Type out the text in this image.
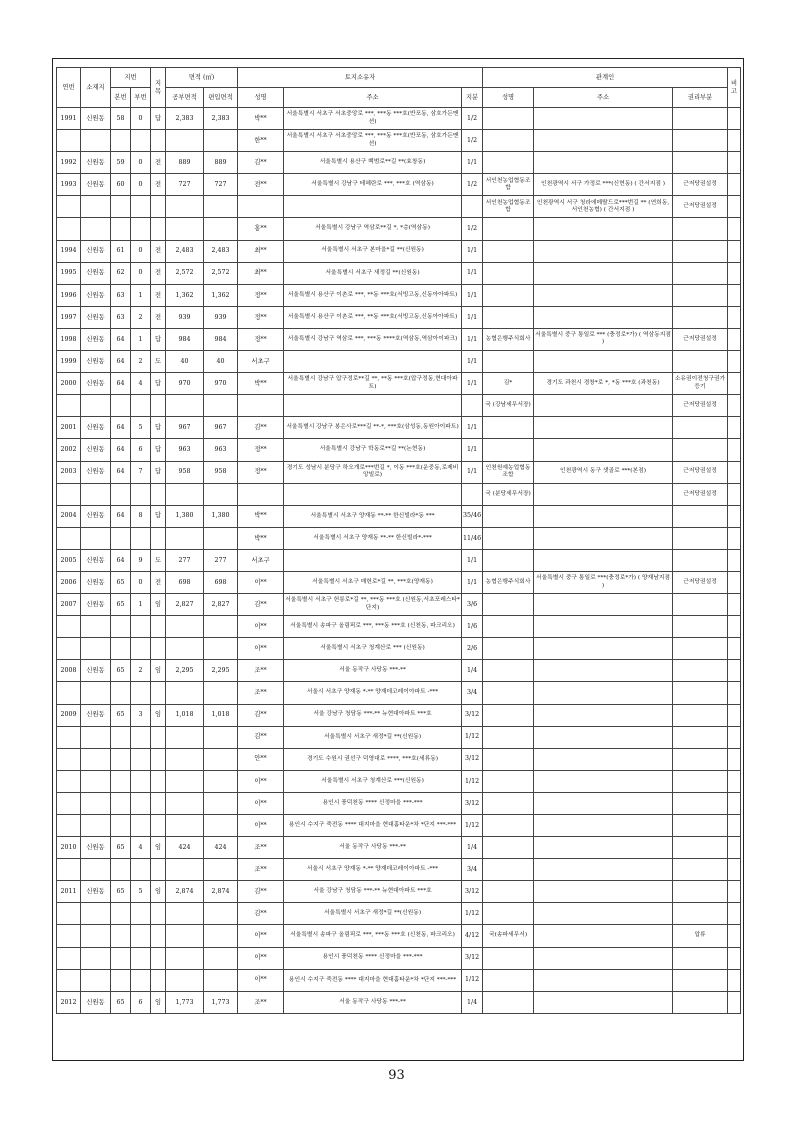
연번	소재지	지번		지목	면적 (㎡)		토지소유자			관계인			비고
		본번	부번		공부면적	편입면적	성명	주소	지분	성명	주소	권리부분	
1991	신원동	58	0	답	2,383	2,383	박**	서울특별시 서초구 서초중앙로 ***, ***동 ***호(반포동, 삼호가든맨션)	1/2				
							한**	서울특별시 서초구 서초중앙로 ***, ***동 ***호(반포동, 삼호가든맨션)	1/2				
1992	신원동	59	0	전	889	889	김**	서울특별시 용산구 백범로**길 **(효창동)	1/1				
1993	신원동	60	0	전	727	727	전**	서울특별시 강남구 테헤란로 ***, ***호 (역삼동)	1/2	서인천농업협동조합	인천광역시 서구 가정로 ***(신현동) ( 간서지점 )	근저당권설정	
										서인천농업협동조합	인천광역시 서구 청라에메랄드로***번길 ** (연희동, 서인천농협) ( 간서지점 )	근저당권설정	
							홍**	서울특별시 강남구 역삼로**길 *, *층(역삼동)	1/2				
1994	신원동	61	0	전	2,483	2,483	최**	서울특별시 서초구 본마을*길 **(신원동)	1/1				
1995	신원동	62	0	전	2,572	2,572	최**	서울특별시 서초구 새정길 **(신원동)	1/1				
1996	신원동	63	1	전	1,362	1,362	정**	서울특별시 용산구 이촌로 ***, **동 ***호(서빙고동,신동아아파트)	1/1				
1997	신원동	63	2	전	939	939	정**	서울특별시 용산구 이촌로 ***, **동 ***호(서빙고동,신동아아파트)	1/1				
1998	신원동	64	1	답	984	984	정**	서울특별시 강남구 역삼로 ***, ***동 ****호(역삼동,역삼아이파크)	1/1	농협은행주식회사	서울특별시 중구 통일로 *** (충정로*가) ( 역삼동지점 )	근저당권설정	
1999	신원동	64	2	도	40	40	서초구		1/1				
2000	신원동	64	4	답	970	970	박**	서울특별시 강남구 압구정로**길 **, **동 ***호(압구정동,현대아파트)	1/1	김*	경기도 과천시 경창*로 *, *동 ***호 (과천동)	소유권이전청구권가등기	
										국 (강남세무서장)		근저당권설정	
2001	신원동	64	5	답	967	967	김**	서울특별시 강남구 봉은사로***길 **-*, ***호(삼성동,동원아이파트)	1/1				
2002	신원동	64	6	답	963	963	정**	서울특별시 강남구 학동로**길 **(논현동)	1/1				
2003	신원동	64	7	답	958	958	정**	경기도 성남시 분당구 하오개로***번길 *, 이동 ***호(운중동,로제비앙빌로)	1/1	인천원예농업협동조합	인천광역시 동구 샛골로 ***(본점)	근저당권설정	
										국 (분당세무서장)		근저당권설정	
2004	신원동	64	8	답	1,380	1,380	박**	서울특별시 서초구 양재동 **-** 한신빌라*동 ***	35/46				
							박**	서울특별시 서초구 양재동 **-** 한신빌라*-***	11/46				
2005	신원동	64	9	도	277	277	서초구		1/1				
2006	신원동	65	0	전	698	698	이**	서울특별시 서초구 매헌로*길 **, ***호(양재동)	1/1	농협은행주식회사	서울특별시 중구 통일로 ***(충정로*가) ( 양재남지점 )	근저당권설정	
2007	신원동	65	1	임	2,827	2,827	김**	서울특별시 서초구 헌릉로*길 **, ***동 ***호 (신원동,서초포레스타*단지)	3/6				
							이**	서울특별시 송파구 올림픽로 ***, ***동 ***호 (신천동, 파크리오)	1/6				
							이**	서울특별시 서초구 청계산로 *** (신원동)	2/6				
2008	신원동	65	2	임	2,295	2,295	조**	서울 동작구 사당동 ***-**	1/4				
							조**	서울시 서초구 양재동 *-** 양재데코레이아파트 -***	3/4				
2009	신원동	65	3	임	1,018	1,018	김**	서울 강남구 청담동 ***-** 뉴현대아파트 ***호	3/12				
							김**	서울특별시 서초구 새정*길 **(신원동)	1/12				
							안**	경기도 수원시 권선구 덕영대로 ****, ***호(세류동)	3/12				
							이**	서울특별시 서초구 청계산로 ***(신원동)	1/12				
							이**	용인시 풍덕천동 **** 신정마을 ***-***	3/12				
							이**	용인시 수지구 죽전동 **** 대지마을 현대홈타운*차 *단지 ***-***	1/12				
2010	신원동	65	4	임	424	424	조**	서울 동작구 사당동 ***-**	1/4				
							조**	서울시 서초구 양재동 *-** 양재데코레이아파트 -***	3/4				
2011	신원동	65	5	임	2,874	2,874	김**	서울 강남구 청담동 ***-** 뉴현대아파트 ***호	3/12				
							김**	서울특별시 서초구 새정*길 **(신원동)	1/12				
							이**	서울특별시 송파구 올림픽로 ***, ***동 ***호 (신천동, 파크리오)	4/12	국(송파세무서)		압류	
							이**	용인시 풍덕천동 **** 신정마을 ***-***	3/12				
							이**	용인시 수지구 죽전동 **** 대지마을 현대홈타운*차 *단지 ***-***	1/12				
2012	신원동	65	6	임	1,773	1,773	조**	서울 동작구 사당동 ***-**	1/4				
93
